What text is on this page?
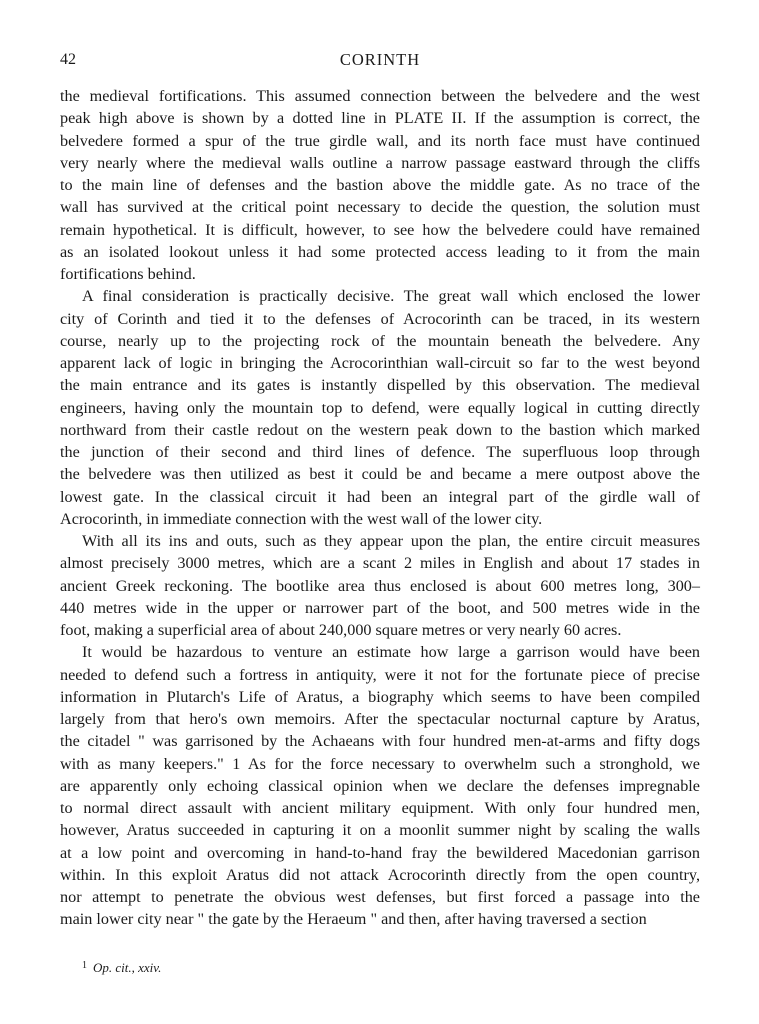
42	CORINTH

the medieval fortifications. This assumed connection between the belvedere and the west
peak high above is shown by a dotted line in PLATE II. If the assumption is correct, the
belvedere formed a spur of the true girdle wall, and its north face must have continued
very nearly where the medieval walls outline a narrow passage eastward through the cliffs
to the main line of defenses and the bastion above the middle gate. As no trace of the
wall has survived at the critical point necessary to decide the question, the solution must
remain hypothetical. It is difficult, however, to see how the belvedere could have remained
as an isolated lookout unless it had some protected access leading to it from the main
fortifications behind.

A final consideration is practically decisive. The great wall which enclosed the lower
city of Corinth and tied it to the defenses of Acrocorinth can be traced, in its western
course, nearly up to the projecting rock of the mountain beneath the belvedere. Any
apparent lack of logic in bringing the Acrocorinthian wall-circuit so far to the west beyond
the main entrance and its gates is instantly dispelled by this observation. The medieval
engineers, having only the mountain top to defend, were equally logical in cutting directly
northward from their castle redout on the western peak down to the bastion which marked
the junction of their second and third lines of defence. The superfluous loop through
the belvedere was then utilized as best it could be and became a mere outpost above the
lowest gate. In the classical circuit it had been an integral part of the girdle wall of
Acrocorinth, in immediate connection with the west wall of the lower city.

With all its ins and outs, such as they appear upon the plan, the entire circuit measures
almost precisely 3000 metres, which are a scant 2 miles in English and about 17 stades in
ancient Greek reckoning. The bootlike area thus enclosed is about 600 metres long, 300–
440 metres wide in the upper or narrower part of the boot, and 500 metres wide in the
foot, making a superficial area of about 240,000 square metres or very nearly 60 acres.

It would be hazardous to venture an estimate how large a garrison would have been
needed to defend such a fortress in antiquity, were it not for the fortunate piece of precise
information in Plutarch's Life of Aratus, a biography which seems to have been compiled
largely from that hero's own memoirs. After the spectacular nocturnal capture by Aratus,
the citadel " was garrisoned by the Achaeans with four hundred men-at-arms and fifty dogs
with as many keepers." 1 As for the force necessary to overwhelm such a stronghold, we
are apparently only echoing classical opinion when we declare the defenses impregnable
to normal direct assault with ancient military equipment. With only four hundred men,
however, Aratus succeeded in capturing it on a moonlit summer night by scaling the walls
at a low point and overcoming in hand-to-hand fray the bewildered Macedonian garrison
within. In this exploit Aratus did not attack Acrocorinth directly from the open country,
nor attempt to penetrate the obvious west defenses, but first forced a passage into the
main lower city near " the gate by the Heraeum " and then, after having traversed a section

$^1$ Op. cit., xxiv.
